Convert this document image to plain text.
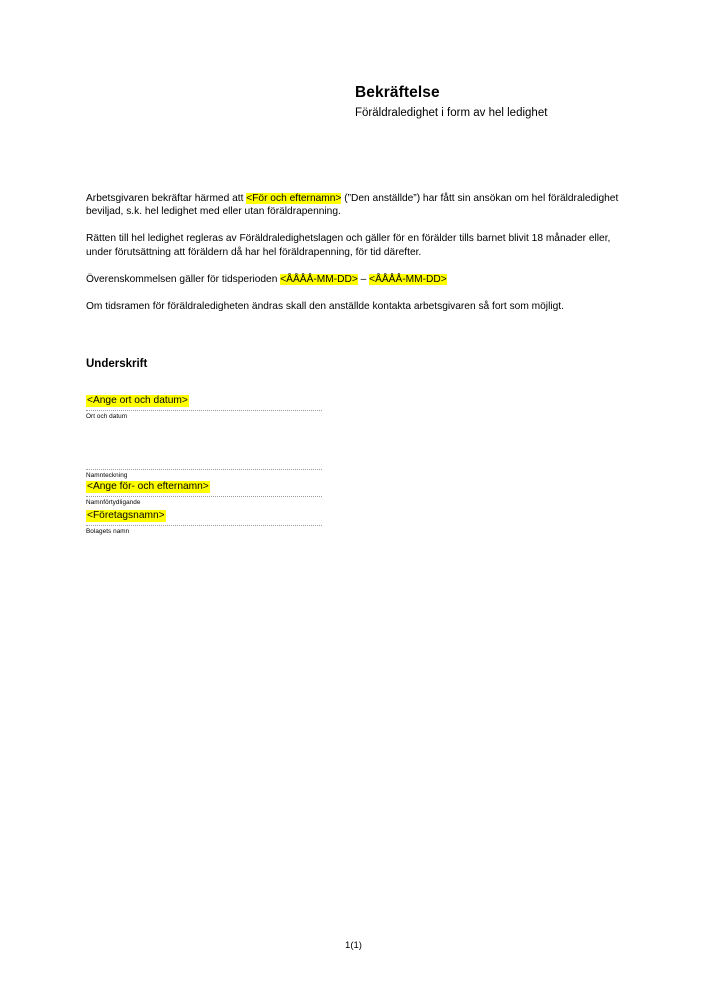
Bekräftelse
Föräldraledighet i form av hel ledighet

Arbetsgivaren bekräftar härmed att <För och efternamn> (”Den anställde”) har fått sin ansökan om hel föräldraledighet beviljad, s.k. hel ledighet med eller utan föräldrapenning.

Rätten till hel ledighet regleras av Föräldraledighetslagen och gäller för en förälder tills barnet blivit 18 månader eller, under förutsättning att föräldern då har hel föräldrapenning, för tid därefter.

Överenskommelsen gäller för tidsperioden <ÅÅÅÅ-MM-DD> – <ÅÅÅÅ-MM-DD>

Om tidsramen för föräldraledigheten ändras skall den anställde kontakta arbetsgivaren så fort som möjligt.

Underskrift
<Ange ort och datum>
Ort och datum
Namnteckning
<Ange för- och efternamn>
Namnförtydligande
<Företagsnamn>
Bolagets namn
1(1)
